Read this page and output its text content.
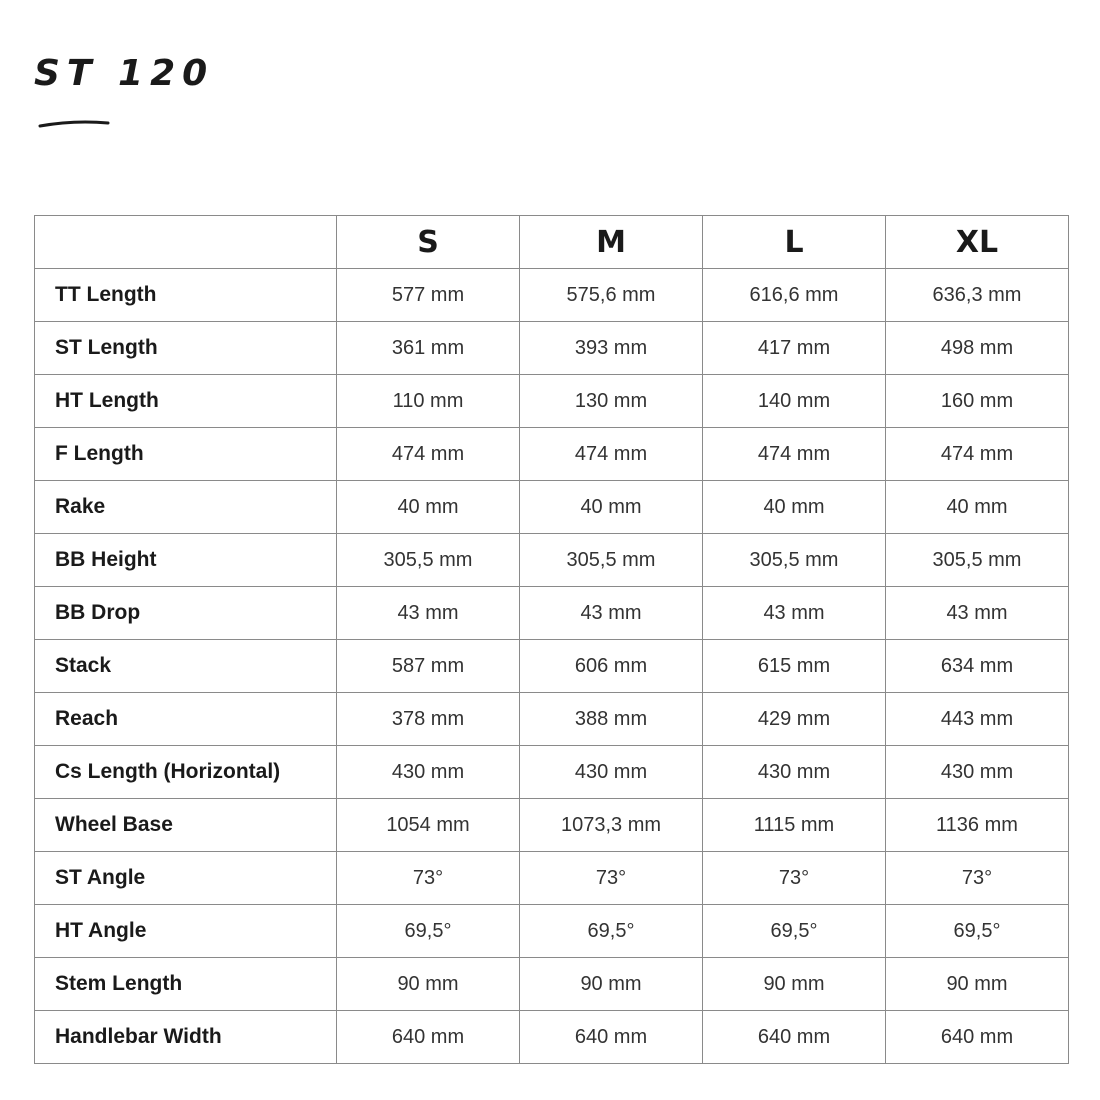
ST 120
	S	M	L	XL
TT Length	577 mm	575,6 mm	616,6 mm	636,3 mm
ST Length	361 mm	393 mm	417 mm	498 mm
HT Length	110 mm	130 mm	140 mm	160 mm
F Length	474 mm	474 mm	474 mm	474 mm
Rake	40 mm	40 mm	40 mm	40 mm
BB Height	305,5 mm	305,5 mm	305,5 mm	305,5 mm
BB Drop	43 mm	43 mm	43 mm	43 mm
Stack	587 mm	606 mm	615 mm	634 mm
Reach	378 mm	388 mm	429 mm	443 mm
Cs Length (Horizontal)	430 mm	430 mm	430 mm	430 mm
Wheel Base	1054 mm	1073,3 mm	1115 mm	1136 mm
ST Angle	73°	73°	73°	73°
HT Angle	69,5°	69,5°	69,5°	69,5°
Stem Length	90 mm	90 mm	90 mm	90 mm
Handlebar Width	640 mm	640 mm	640 mm	640 mm
